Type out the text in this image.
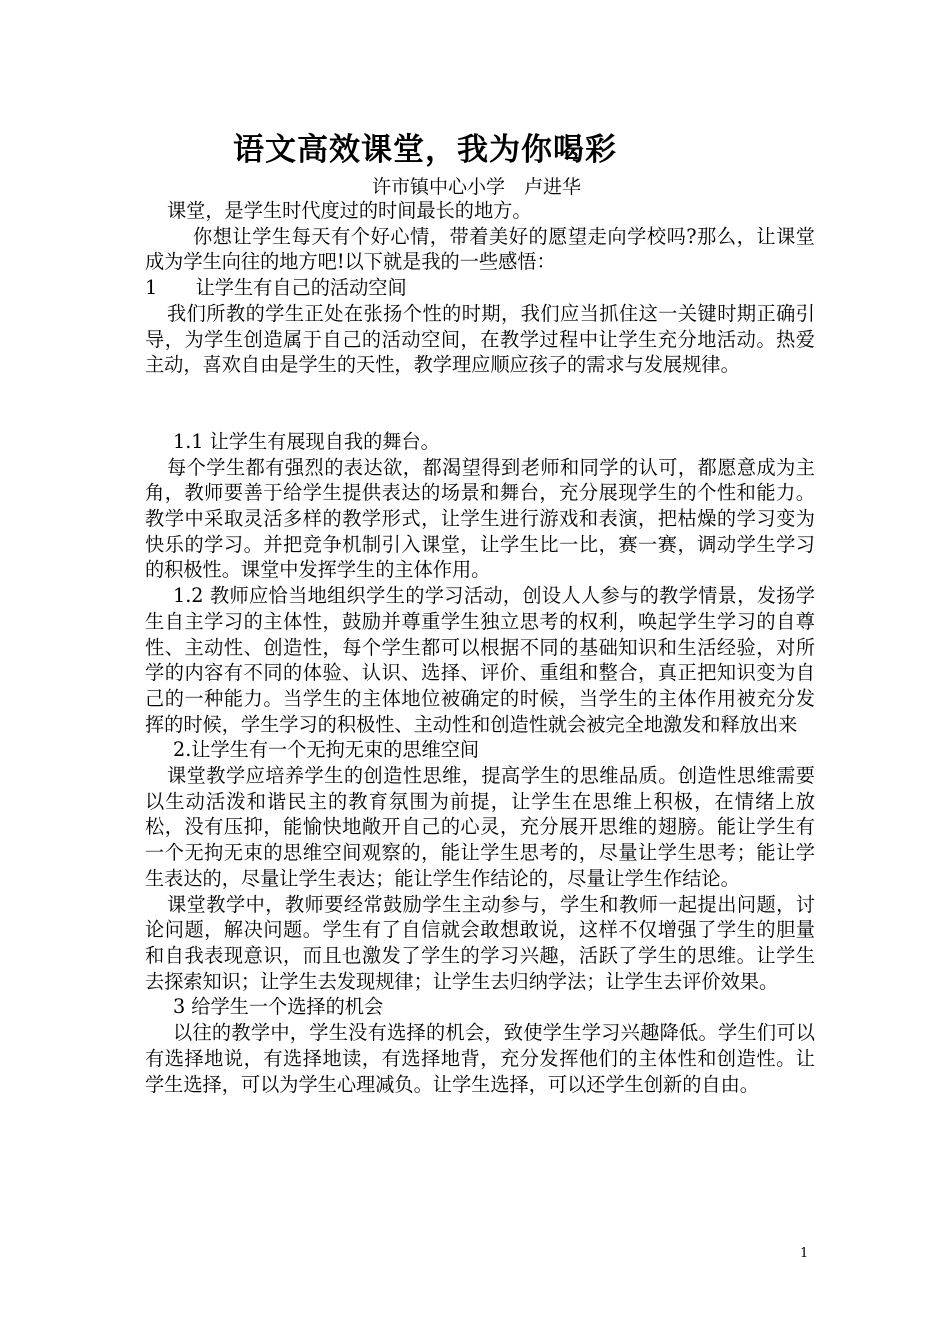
语文高效课堂，我为你喝彩
许市镇中心小学　卢进华

课堂，是学生时代度过的时间最长的地方。

你想让学生每天有个好心情，带着美好的愿望走向学校吗?那么，让课堂成为学生向往的地方吧!以下就是我的一些感悟：

1　　让学生有自己的活动空间

我们所教的学生正处在张扬个性的时期，我们应当抓住这一关键时期正确引导，为学生创造属于自己的活动空间，在教学过程中让学生充分地活动。热爱主动，喜欢自由是学生的天性，教学理应顺应孩子的需求与发展规律。

1.1 让学生有展现自我的舞台。

每个学生都有强烈的表达欲，都渴望得到老师和同学的认可，都愿意成为主角，教师要善于给学生提供表达的场景和舞台，充分展现学生的个性和能力。教学中采取灵活多样的教学形式，让学生进行游戏和表演，把枯燥的学习变为快乐的学习。并把竞争机制引入课堂，让学生比一比，赛一赛，调动学生学习的积极性。课堂中发挥学生的主体作用。

1.2 教师应恰当地组织学生的学习活动，创设人人参与的教学情景，发扬学生自主学习的主体性，鼓励并尊重学生独立思考的权利，唤起学生学习的自尊性、主动性、创造性，每个学生都可以根据不同的基础知识和生活经验，对所学的内容有不同的体验、认识、选择、评价、重组和整合，真正把知识变为自己的一种能力。当学生的主体地位被确定的时候，当学生的主体作用被充分发挥的时候，学生学习的积极性、主动性和创造性就会被完全地激发和释放出来

2.让学生有一个无拘无束的思维空间

课堂教学应培养学生的创造性思维，提高学生的思维品质。创造性思维需要以生动活泼和谐民主的教育氛围为前提，让学生在思维上积极，在情绪上放松，没有压抑，能愉快地敞开自己的心灵，充分展开思维的翅膀。能让学生有一个无拘无束的思维空间观察的，能让学生思考的，尽量让学生思考；能让学生表达的，尽量让学生表达；能让学生作结论的，尽量让学生作结论。

课堂教学中，教师要经常鼓励学生主动参与，学生和教师一起提出问题，讨论问题，解决问题。学生有了自信就会敢想敢说，这样不仅增强了学生的胆量和自我表现意识，而且也激发了学生的学习兴趣，活跃了学生的思维。让学生去探索知识；让学生去发现规律；让学生去归纳学法；让学生去评价效果。

3 给学生一个选择的机会

以往的教学中，学生没有选择的机会，致使学生学习兴趣降低。学生们可以有选择地说，有选择地读，有选择地背，充分发挥他们的主体性和创造性。让学生选择，可以为学生心理减负。让学生选择，可以还学生创新的自由。

1
